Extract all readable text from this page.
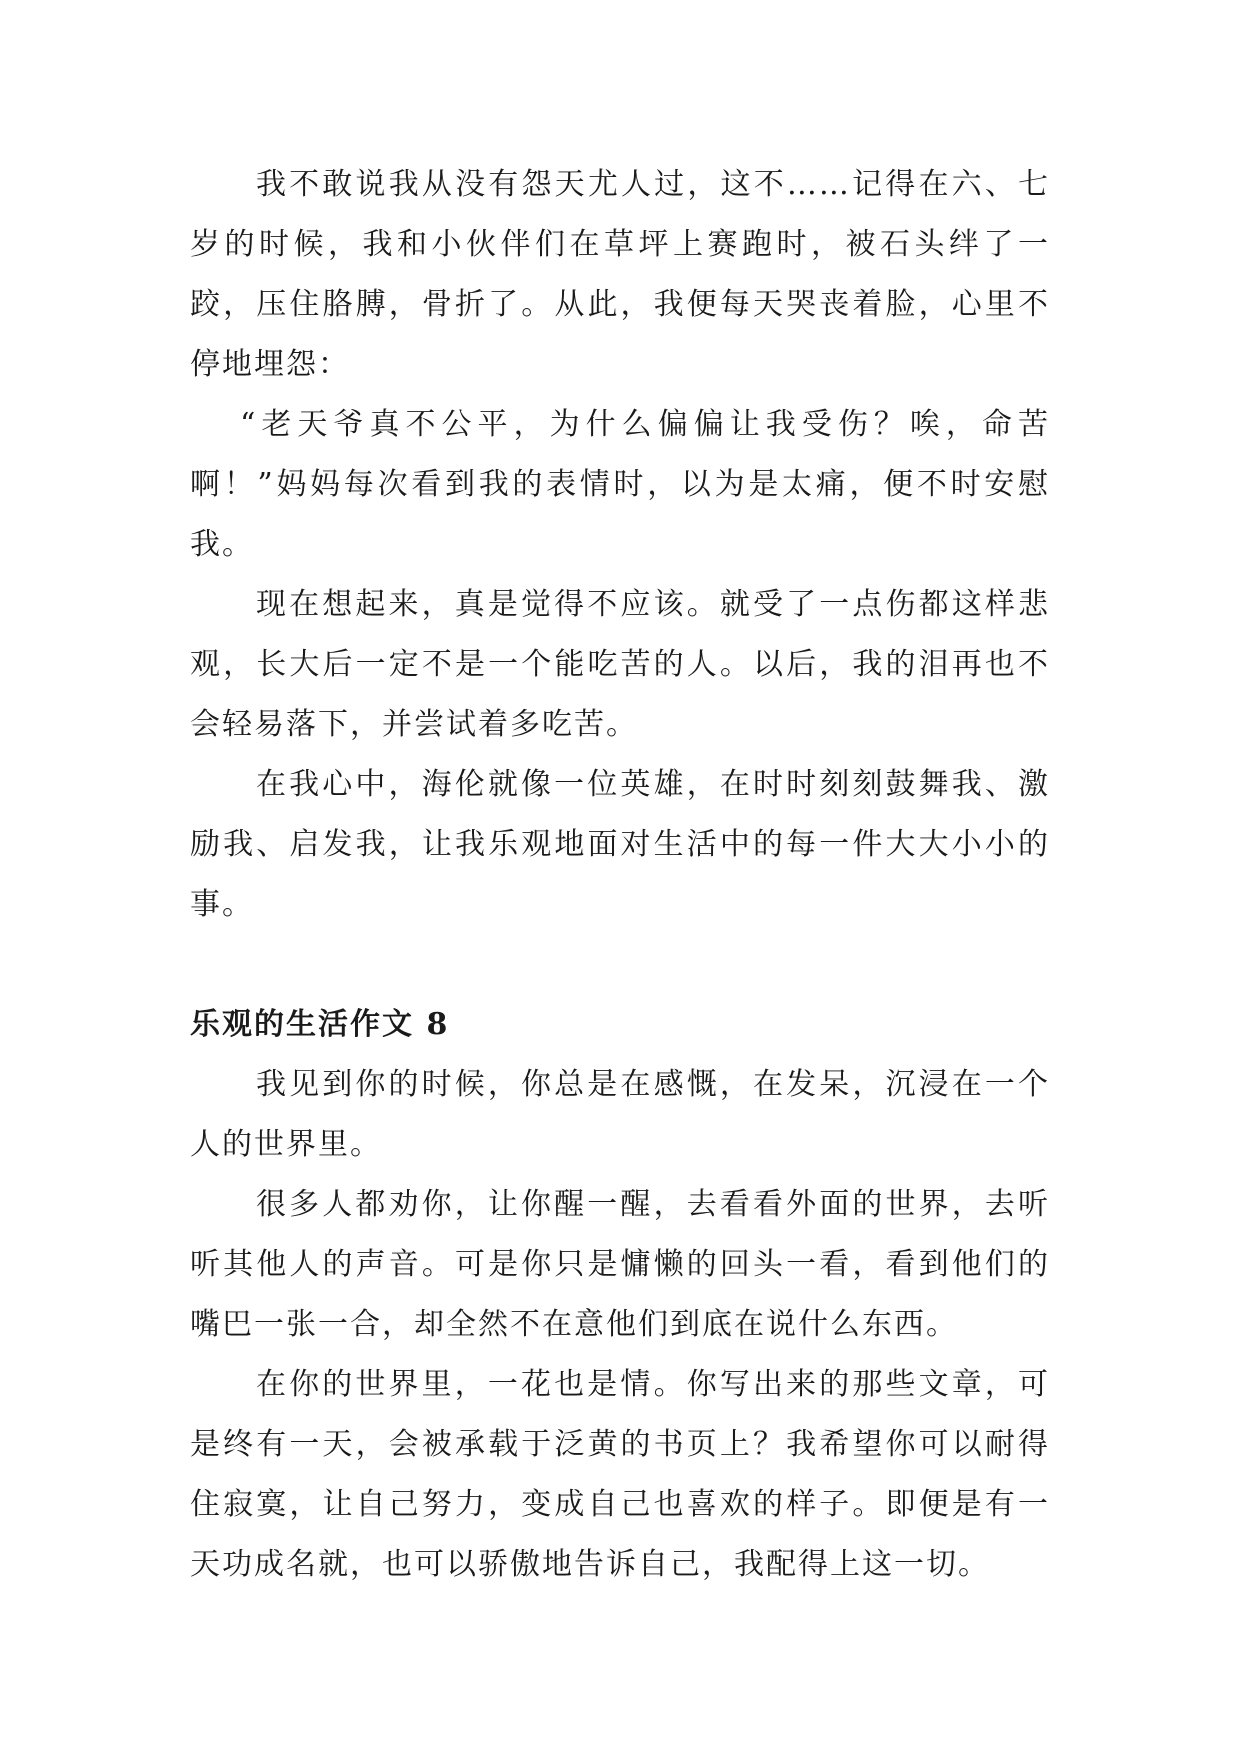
我不敢说我从没有怨天尤人过，这不……记得在六、七岁的时候，我和小伙伴们在草坪上赛跑时，被石头绊了一跤，压住胳膊，骨折了。从此，我便每天哭丧着脸，心里不停地埋怨：

“老天爷真不公平，为什么偏偏让我受伤？唉，命苦啊！”妈妈每次看到我的表情时，以为是太痛，便不时安慰我。

现在想起来，真是觉得不应该。就受了一点伤都这样悲观，长大后一定不是一个能吃苦的人。以后，我的泪再也不会轻易落下，并尝试着多吃苦。

在我心中，海伦就像一位英雄，在时时刻刻鼓舞我、激励我、启发我，让我乐观地面对生活中的每一件大大小小的事。

乐观的生活作文 8

我见到你的时候，你总是在感慨，在发呆，沉浸在一个人的世界里。

很多人都劝你，让你醒一醒，去看看外面的世界，去听听其他人的声音。可是你只是慵懒的回头一看，看到他们的嘴巴一张一合，却全然不在意他们到底在说什么东西。

在你的世界里，一花也是情。你写出来的那些文章，可是终有一天，会被承载于泛黄的书页上？我希望你可以耐得住寂寞，让自己努力，变成自己也喜欢的样子。即便是有一天功成名就，也可以骄傲地告诉自己，我配得上这一切。
